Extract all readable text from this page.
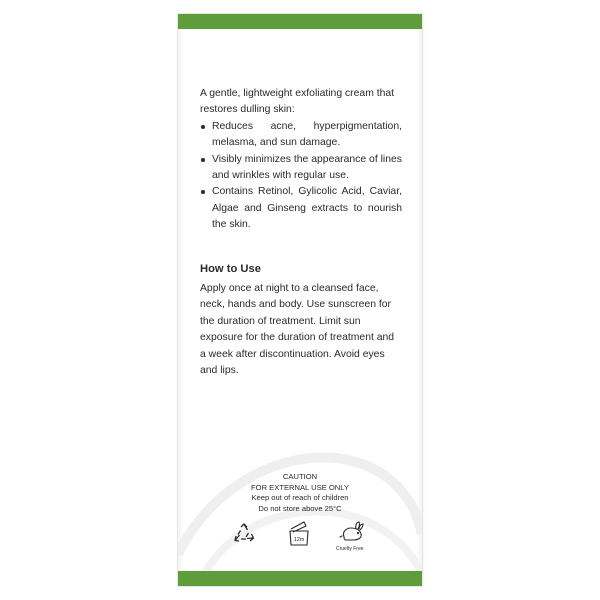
A gentle, lightweight exfoliating cream that restores dulling skin:

Reduces acne, hyperpigmentation, melasma, and sun damage.
Visibly minimizes the appearance of lines and wrinkles with regular use.
Contains Retinol, Gylicolic Acid, Caviar, Algae and Ginseng extracts to nourish the skin.
How to Use
Apply once at night to a cleansed face, neck, hands and body. Use sunscreen for the duration of treatment. Limit sun exposure for the duration of treatment and a week after discontinuation. Avoid eyes and lips.
CAUTION
FOR EXTERNAL USE ONLY
Keep out of reach of children
Do not store above 25°C
12m
Cruelty Free
